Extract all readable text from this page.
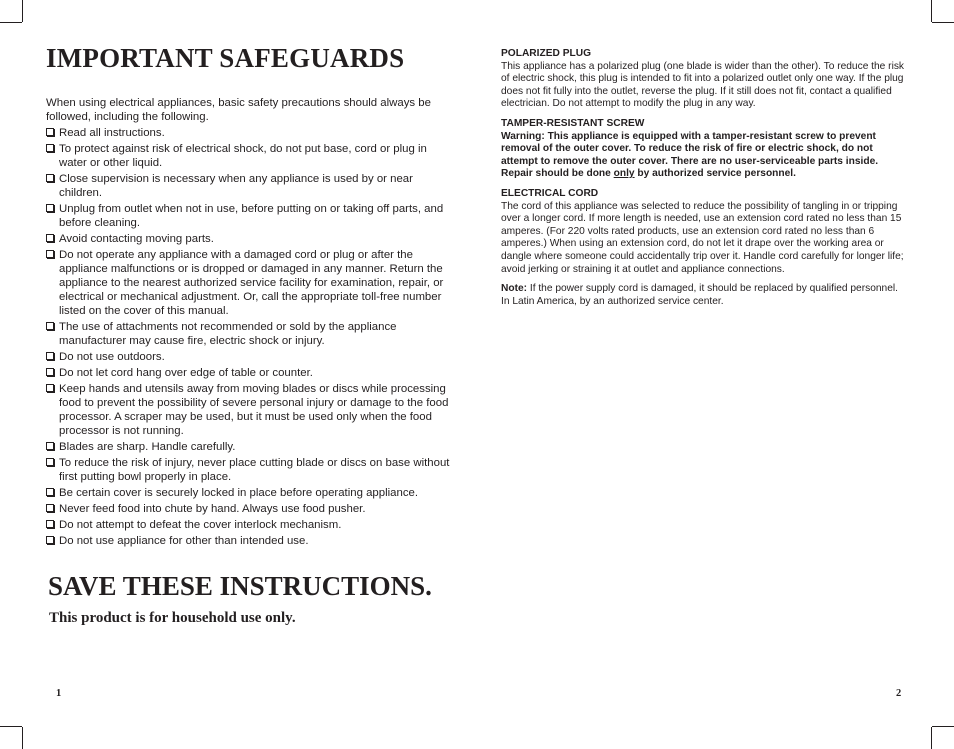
IMPORTANT SAFEGUARDS

When using electrical appliances, basic safety precautions should always be followed, including the following.

Read all instructions.
To protect against risk of electrical shock, do not put base, cord or plug in water or other liquid.
Close supervision is necessary when any appliance is used by or near children.
Unplug from outlet when not in use, before putting on or taking off parts, and before cleaning.
Avoid contacting moving parts.
Do not operate any appliance with a damaged cord or plug or after the appliance malfunctions or is dropped or damaged in any manner. Return the appliance to the nearest authorized service facility for examination, repair, or electrical or mechanical adjustment. Or, call the appropriate toll-free number listed on the cover of this manual.
The use of attachments not recommended or sold by the appliance manufacturer may cause fire, electric shock or injury.
Do not use outdoors.
Do not let cord hang over edge of table or counter.
Keep hands and utensils away from moving blades or discs while processing food to prevent the possibility of severe personal injury or damage to the food processor. A scraper may be used, but it must be used only when the food processor is not running.
Blades are sharp. Handle carefully.
To reduce the risk of injury, never place cutting blade or discs on base without first putting bowl properly in place.
Be certain cover is securely locked in place before operating appliance.
Never feed food into chute by hand. Always use food pusher.
Do not attempt to defeat the cover interlock mechanism.
Do not use appliance for other than intended use.
SAVE THESE INSTRUCTIONS.

This product is for household use only.

1
POLARIZED PLUG

This appliance has a polarized plug (one blade is wider than the other). To reduce the risk of electric shock, this plug is intended to fit into a polarized outlet only one way. If the plug does not fit fully into the outlet, reverse the plug. If it still does not fit, contact a qualified electrician. Do not attempt to modify the plug in any way.

TAMPER-RESISTANT SCREW

Warning: This appliance is equipped with a tamper-resistant screw to prevent removal of the outer cover. To reduce the risk of fire or electric shock, do not attempt to remove the outer cover. There are no user-serviceable parts inside. Repair should be done only by authorized service personnel.

ELECTRICAL CORD

The cord of this appliance was selected to reduce the possibility of tangling in or tripping over a longer cord. If more length is needed, use an extension cord rated no less than 15 amperes. (For 220 volts rated products, use an extension cord rated no less than 6 amperes.) When using an extension cord, do not let it drape over the working area or dangle where someone could accidentally trip over it. Handle cord carefully for longer life; avoid jerking or straining it at outlet and appliance connections.

Note: If the power supply cord is damaged, it should be replaced by qualified personnel. In Latin America, by an authorized service center.

2
